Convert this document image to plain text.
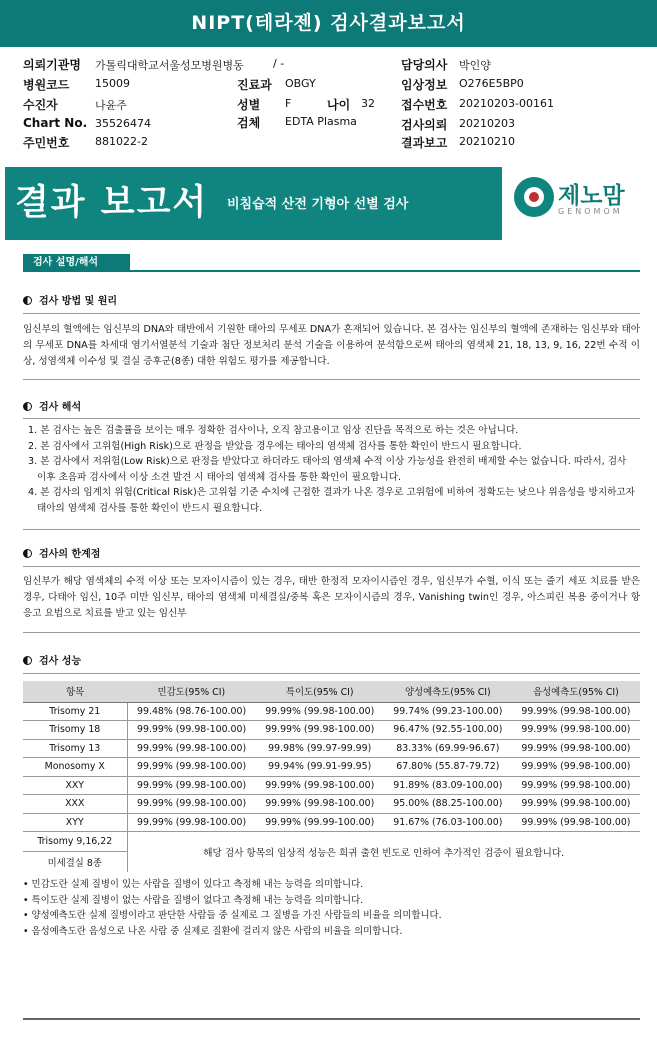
NIPT(테라젠) 검사결과보고서
의뢰기관명 가톨릭대학교서울성모병원병동	/ -	담당의사 박인양
병원코드 15009	진료과 OBGY	임상정보 O276E5BP0
수진자	나윤주	성별 F	나이 32 접수번호 20210203-00161
Chart No. 35526474	검체 EDTA Plasma	검사의뢰 20210203
주민번호 881022-2	결과보고 20210210
결과 보고서 비침습적 산전 기형아 선별 검사	제노맘
GENOMOM
검사 설명/해석
검사 방법 및 원리
임신부의 혈액에는 임신부의 DNA와 태반에서 기원한 태아의 무세포 DNA가 혼재되어 있습니다. 본 검사는 임신부의 혈액에 존재하는 임신부와 태아의 무세포 DNA를 차세대 염기서열분석 기술과 첨단 정보처리 분석 기술을 이용하여 분석함으로써 태아의 염색체 21, 18, 13, 9, 16, 22번 수적 이상, 성염색체 이수성 및 결실 증후군(8종) 대한 위험도 평가를 제공합니다.
검사 해석
1. 본 검사는 높은 검출률을 보이는 매우 정확한 검사이나, 오직 참고용이고 임상 진단을 목적으로 하는 것은 아닙니다.
2. 본 검사에서 고위험(High Risk)으로 판정을 받았을 경우에는 태아의 염색체 검사를 통한 확인이 반드시 필요합니다.
3. 본 검사에서 저위험(Low Risk)으로 판정을 받았다고 하더라도 태아의 염색체 수적 이상 가능성을 완전히 배제할 수는 없습니다. 따라서, 검사 이후 초음파 검사에서 이상 소견 발견 시 태아의 염색체 검사를 통한 확인이 필요합니다.
4. 본 검사의 임계치 위험(Critical Risk)은 고위험 기준 수치에 근접한 결과가 나온 경우로 고위험에 비하여 정확도는 낮으나 위음성을 방지하고자 태아의 염색체 검사를 통한 확인이 반드시 필요합니다.
검사의 한계점
임신부가 해당 염색체의 수적 이상 또는 모자이시즘이 있는 경우, 태반 한정적 모자이시즘인 경우, 임신부가 수혈, 이식 또는 줄기 세포 치료를 받은 경우, 다태아 임신, 10주 미만 임신부, 태아의 염색체 미세결실/중복 혹은 모자이시즘의 경우, Vanishing twin인 경우, 아스피린 복용 중이거나 항 응고 요법으로 치료를 받고 있는 임신부
검사 성능
항목	민감도(95% CI)	특이도(95% CI)	양성예측도(95% CI)	음성예측도(95% CI)
Trisomy 21	99.48% (98.76-100.00)	99.99% (99.98-100.00)	99.74% (99.23-100.00)	99.99% (99.98-100.00)
Trisomy 18	99.99% (99.98-100.00)	99.99% (99.98-100.00)	96.47% (92.55-100.00)	99.99% (99.98-100.00)
Trisomy 13	99.99% (99.98-100.00)	99.98% (99.97-99.99)	83.33% (69.99-96.67)	99.99% (99.98-100.00)
Monosomy X	99.99% (99.98-100.00)	99.94% (99.91-99.95)	67.80% (55.87-79.72)	99.99% (99.98-100.00)
XXY	99.99% (99.98-100.00)	99.99% (99.98-100.00)	91.89% (83.09-100.00)	99.99% (99.98-100.00)
XXX	99.99% (99.98-100.00)	99.99% (99.98-100.00)	95.00% (88.25-100.00)	99.99% (99.98-100.00)
XYY	99.99% (99.98-100.00)	99.99% (99.99-100.00)	91.67% (76.03-100.00)	99.99% (99.98-100.00)
Trisomy 9,16,22	해당 검사 항목의 임상적 성능은 희귀 출현 빈도로 인하여 추가적인 검증이 필요합니다.			
미세결실 8종				
• 민감도란 실제 질병이 있는 사람을 질병이 있다고 측정해 내는 능력을 의미합니다.
• 특이도란 실제 질병이 없는 사람을 질병이 없다고 측정해 내는 능력을 의미합니다.
• 양성예측도란 실제 질병이라고 판단한 사람들 중 실제로 그 질병을 가진 사람들의 비율을 의미합니다.
• 음성예측도란 음성으로 나온 사람 중 실제로 질환에 걸리지 않은 사람의 비율을 의미합니다.
